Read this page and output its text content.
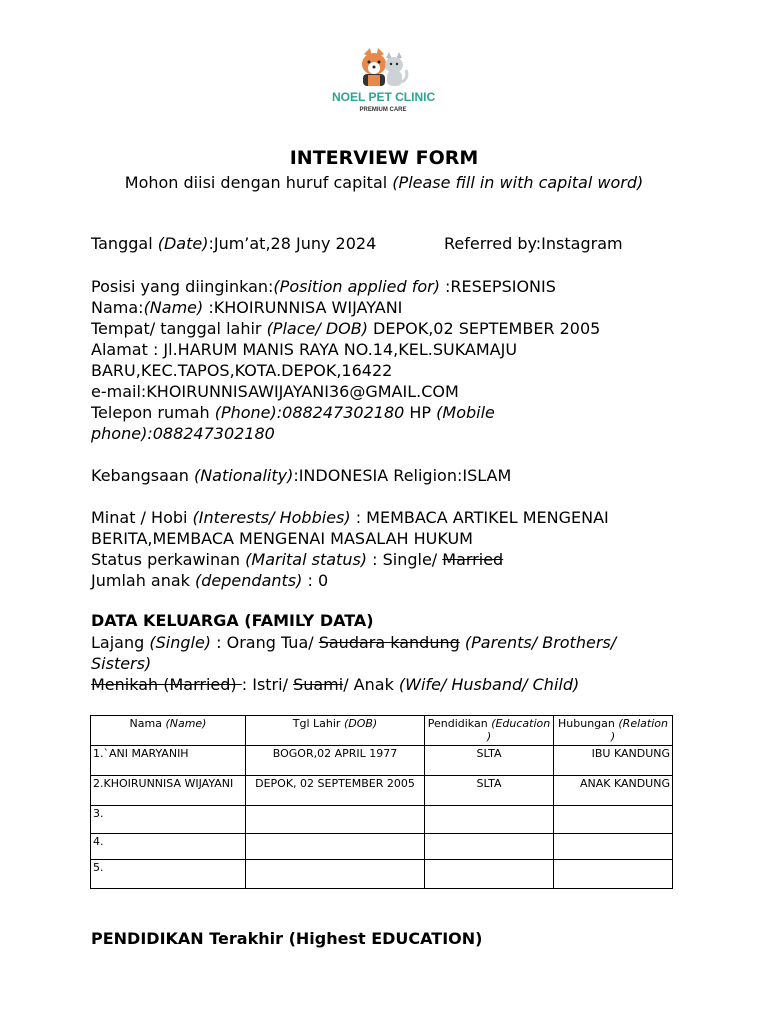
NOEL PET CLINIC
PREMIUM CARE
INTERVIEW FORM
Mohon diisi dengan huruf capital (Please fill in with capital word)
Tanggal (Date):Jum’at,28 Juny 2024	Referred by:Instagram
Posisi yang diinginkan:(Position applied for) :RESEPSIONIS
Nama:(Name) :KHOIRUNNISA WIJAYANI
Tempat/ tanggal lahir (Place/ DOB) DEPOK,02 SEPTEMBER 2005
Alamat : Jl.HARUM MANIS RAYA NO.14,KEL.SUKAMAJU
BARU,KEC.TAPOS,KOTA.DEPOK,16422
e-mail:KHOIRUNNISAWIJAYANI36@GMAIL.COM
Telepon rumah (Phone):088247302180 HP (Mobile
phone):088247302180
Kebangsaan (Nationality):INDONESIA Religion:ISLAM
Minat / Hobi (Interests/ Hobbies) : MEMBACA ARTIKEL MENGENAI
BERITA,MEMBACA MENGENAI MASALAH HUKUM
Status perkawinan (Marital status) : Single/ Married
Jumlah anak (dependants) : 0
DATA KELUARGA (FAMILY DATA)
Lajang (Single) : Orang Tua/ Saudara kandung (Parents/ Brothers/
Sisters)
Menikah (Married) : Istri/ Suami/ Anak (Wife/ Husband/ Child)
Nama (Name)	Tgl Lahir (DOB)	Pendidikan (Education )	Hubungan (Relation )
1.`ANI MARYANIH	BOGOR,02 APRIL 1977	SLTA	IBU KANDUNG
2.KHOIRUNNISA WIJAYANI	DEPOK, 02 SEPTEMBER 2005	SLTA	ANAK KANDUNG
3.			
4.			
5.			
PENDIDIKAN Terakhir (Highest EDUCATION)
